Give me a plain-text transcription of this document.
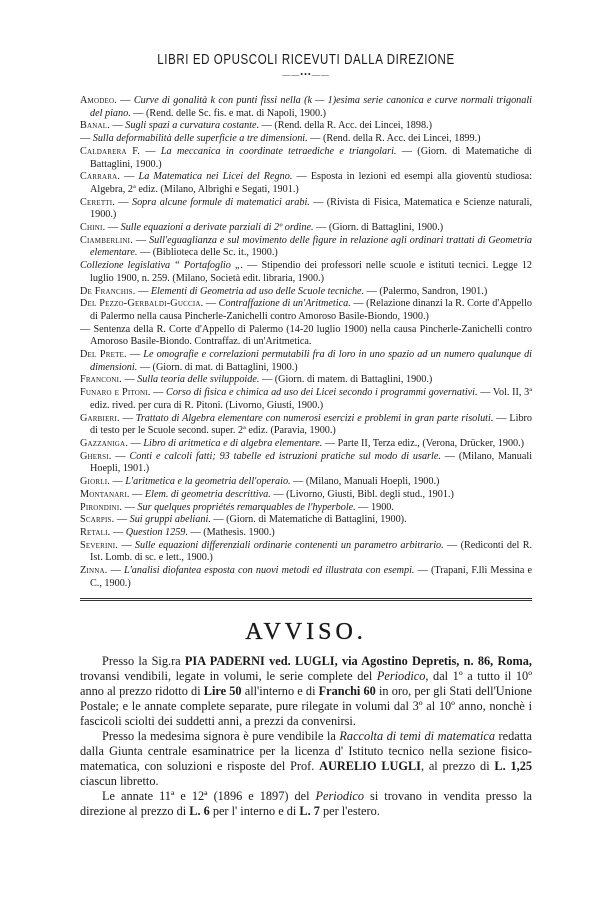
LIBRI ED OPUSCOLI RICEVUTI DALLA DIREZIONE
——•••——

Amodeo. — Curve di gonalità k con punti fissi nella (k — 1)esima serie canonica e curve normali trigonali del piano. — (Rend. delle Sc. fis. e mat. di Napoli, 1900.)

Banal. — Sugli spazi a curvatura costante. — (Rend. della R. Acc. dei Lincei, 1898.)

— Sulla deformabilità delle superficie a tre dimensioni. — (Rend. della R. Acc. dei Lincei, 1899.)

Caldarera F. — La meccanica in coordinate tetraediche e triangolari. — (Giorn. di Matematiche di Battaglini, 1900.)

Carrara. — La Matematica nei Licei del Regno. — Esposta in lezioni ed esempi alla gioventù studiosa: Algebra, 2ª ediz. (Milano, Albrighi e Segati, 1901.)

Ceretti. — Sopra alcune formule di matematici arabi. — (Rivista di Fisica, Matematica e Scienze naturali, 1900.)

Chini. — Sulle equazioni a derivate parziali di 2º ordine. — (Giorn. di Battaglini, 1900.)

Ciamberlini. — Sull'eguaglianza e sul movimento delle figure in relazione agli ordinari trattati di Geometria elementare. — (Biblioteca delle Sc. it., 1900.)

Collezione legislativa “ Portafoglio „. — Stipendio dei professori nelle scuole e istituti tecnici. Legge 12 luglio 1900, n. 259. (Milano, Società edit. libraria, 1900.)

De Franchis. — Elementi di Geometria ad uso delle Scuole tecniche. — (Palermo, Sandron, 1901.)

Del Pezzo-Gerbaldi-Guccia. — Contraffazione di un'Aritmetica. — (Relazione dinanzi la R. Corte d'Appello di Palermo nella causa Pincherle-Zanichelli contro Amoroso Basile-Biondo, 1900.)

— Sentenza della R. Corte d'Appello di Palermo (14-20 luglio 1900) nella causa Pincherle-Zanichelli contro Amoroso Basile-Biondo. Contraffaz. di un'Aritmetica.

Del Prete. — Le omografie e correlazioni permutabili fra di loro in uno spazio ad un numero qualunque di dimensioni. — (Giorn. di mat. di Battaglini, 1900.)

Franconi. — Sulla teoria delle sviluppoide. — (Giorn. di matem. di Battaglini, 1900.)

Funaro e Pitoni. — Corso di fisica e chimica ad uso dei Licei secondo i programmi governativi. — Vol. II, 3ª ediz. rived. per cura di R. Pitoni. (Livorno, Giusti, 1900.)

Garbieri. — Trattato di Algebra elementare con numerosi esercizi e problemi in gran parte risoluti. — Libro di testo per le Scuole second. super. 2ª ediz. (Paravia, 1900.)

Gazzaniga. — Libro di aritmetica e di algebra elementare. — Parte II, Terza ediz., (Verona, Drücker, 1900.)

Ghersi. — Conti e calcoli fatti; 93 tabelle ed istruzioni pratiche sul modo di usarle. — (Milano, Manuali Hoepli, 1901.)

Giorli. — L'aritmetica e la geometria dell'operaio. — (Milano, Manuali Hoepli, 1900.)

Montanari. — Elem. di geometria descrittiva. — (Livorno, Giusti, Bibl. degli stud., 1901.)

Pirondini. — Sur quelques propriétés remarquables de l'hyperbole. — 1900.

Scarpis. — Sui gruppi abeliani. — (Giorn. di Matematiche di Battaglini, 1900).

Retali. — Question 1259. — (Mathesis. 1900.)

Severini. — Sulle equazioni differenziali ordinarie contenenti un parametro arbitrario. — (Rediconti del R. Ist. Lomb. di sc. e lett., 1900.)

Zinna. — L'analisi diofantea esposta con nuovi metodi ed illustrata con esempi. — (Trapani, F.lli Messina e C., 1900.)

AVVISO.

Presso la Sig.ra PIA PADERNI ved. LUGLI, via Agostino Depretis, n. 86, Roma, trovansi vendibili, legate in volumi, le serie complete del Periodico, dal 1º a tutto il 10º anno al prezzo ridotto di Lire 50 all'interno e di Franchi 60 in oro, per gli Stati dell'Unione Postale; e le annate complete separate, pure rilegate in volumi dal 3º al 10º anno, nonchè i fascicoli sciolti dei suddetti anni, a prezzi da convenirsi.

Presso la medesima signora è pure vendibile la Raccolta di temi di matematica redatta dalla Giunta centrale esaminatrice per la licenza d' Istituto tecnico nella sezione fisico-matematica, con soluzioni e risposte del Prof. AURELIO LUGLI, al prezzo di L. 1,25 ciascun libretto.

Le annate 11ª e 12ª (1896 e 1897) del Periodico si trovano in vendita presso la direzione al prezzo di L. 6 per l' interno e di L. 7 per l'estero.
